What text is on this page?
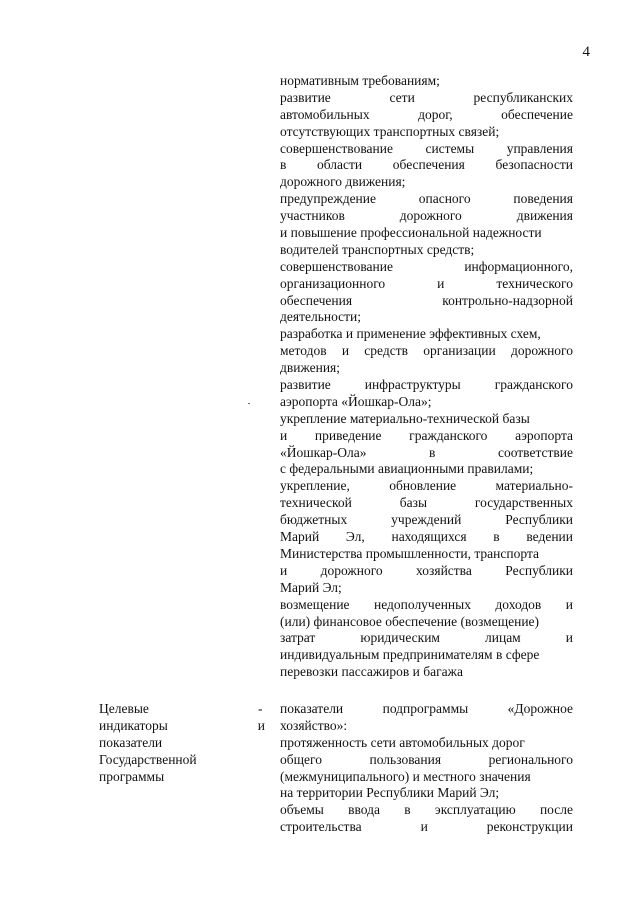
4
нормативным требованиям;
развитие сети республиканских
автомобильных дорог, обеспечение
отсутствующих транспортных связей;
совершенствование системы управления
в области обеспечения безопасности
дорожного движения;
предупреждение опасного поведения
участников дорожного движения
и повышение профессиональной надежности
водителей транспортных средств;
совершенствование информационного,
организационного и технического
обеспечения контрольно-надзорной
деятельности;
разработка и применение эффективных схем,
методов и средств организации дорожного
движения;
развитие инфраструктуры гражданского
аэропорта «Йошкар-Ола»;
укрепление материально-технической базы
и приведение гражданского аэропорта
«Йошкар-Ола» в соответствие
с федеральными авиационными правилами;
укрепление, обновление материально-
технической базы государственных
бюджетных учреждений Республики
Марий Эл, находящихся в ведении
Министерства промышленности, транспорта
и дорожного хозяйства Республики
Марий Эл;
возмещение недополученных доходов и
(или) финансовое обеспечение (возмещение)
затрат юридическим лицам и
индивидуальным предпринимателям в сфере
перевозки пассажиров и багажа
Целевые
индикаторы и
показатели
Государственной
программы
- показатели подпрограммы «Дорожное
хозяйство»:
протяженность сети автомобильных дорог
общего пользования регионального
(межмуниципального) и местного значения
на территории Республики Марий Эл;
объемы ввода в эксплуатацию после
строительства и реконструкции
